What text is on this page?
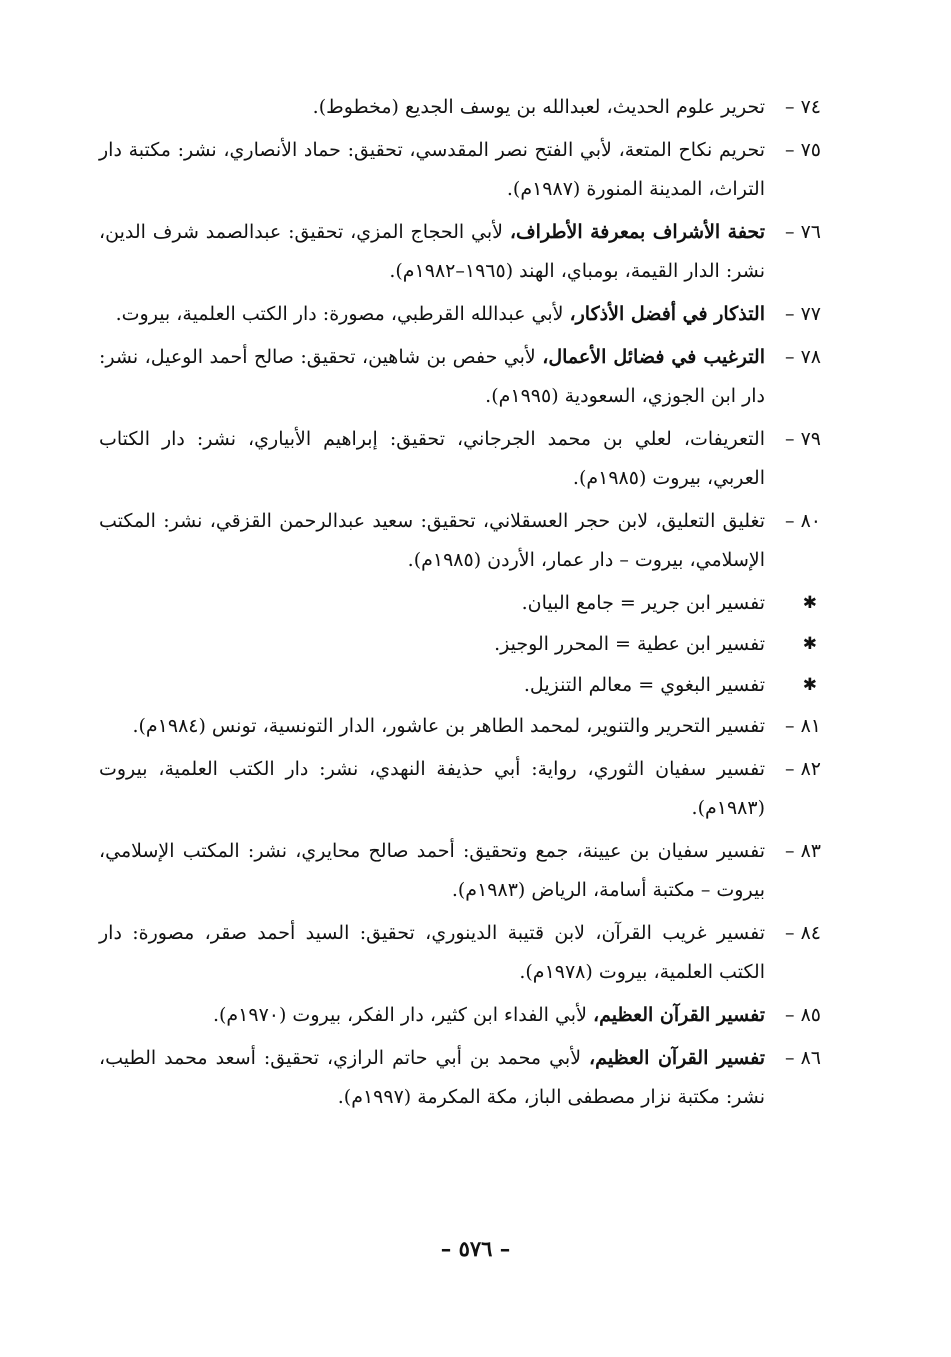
٧٤ –
تحرير علوم الحديث، لعبدالله بن يوسف الجديع (مخطوط).
٧٥ –
تحريم نكاح المتعة، لأبي الفتح نصر المقدسي، تحقيق: حماد الأنصاري، نشر: مكتبة دار التراث، المدينة المنورة (١٩٨٧م).
٧٦ –
تحفة الأشراف بمعرفة الأطراف، لأبي الحجاج المزي، تحقيق: عبدالصمد شرف الدين، نشر: الدار القيمة، بومباي، الهند (١٩٦٥–١٩٨٢م).
٧٧ –
التذكار في أفضل الأذكار، لأبي عبدالله القرطبي، مصورة: دار الكتب العلمية، بيروت.
٧٨ –
الترغيب في فضائل الأعمال، لأبي حفص بن شاهين، تحقيق: صالح أحمد الوعيل، نشر: دار ابن الجوزي، السعودية (١٩٩٥م).
٧٩ –
التعريفات، لعلي بن محمد الجرجاني، تحقيق: إبراهيم الأبياري، نشر: دار الكتاب العربي، بيروت (١٩٨٥م).
٨٠ –
تغليق التعليق، لابن حجر العسقلاني، تحقيق: سعيد عبدالرحمن القزقي، نشر: المكتب الإسلامي، بيروت – دار عمار، الأردن (١٩٨٥م).
✱
تفسير ابن جرير = جامع البيان.
✱
تفسير ابن عطية = المحرر الوجيز.
✱
تفسير البغوي = معالم التنزيل.
٨١ –
تفسير التحرير والتنوير، لمحمد الطاهر بن عاشور، الدار التونسية، تونس (١٩٨٤م).
٨٢ –
تفسير سفيان الثوري، رواية: أبي حذيفة النهدي، نشر: دار الكتب العلمية، بيروت (١٩٨٣م).
٨٣ –
تفسير سفيان بن عيينة، جمع وتحقيق: أحمد صالح محايري، نشر: المكتب الإسلامي، بيروت – مكتبة أسامة، الرياض (١٩٨٣م).
٨٤ –
تفسير غريب القرآن، لابن قتيبة الدينوري، تحقيق: السيد أحمد صقر، مصورة: دار الكتب العلمية، بيروت (١٩٧٨م).
٨٥ –
تفسير القرآن العظيم، لأبي الفداء ابن كثير، دار الفكر، بيروت (١٩٧٠م).
٨٦ –
تفسير القرآن العظيم، لأبي محمد بن أبي حاتم الرازي، تحقيق: أسعد محمد الطيب، نشر: مكتبة نزار مصطفى الباز، مكة المكرمة (١٩٩٧م).
– ٥٧٦ –
